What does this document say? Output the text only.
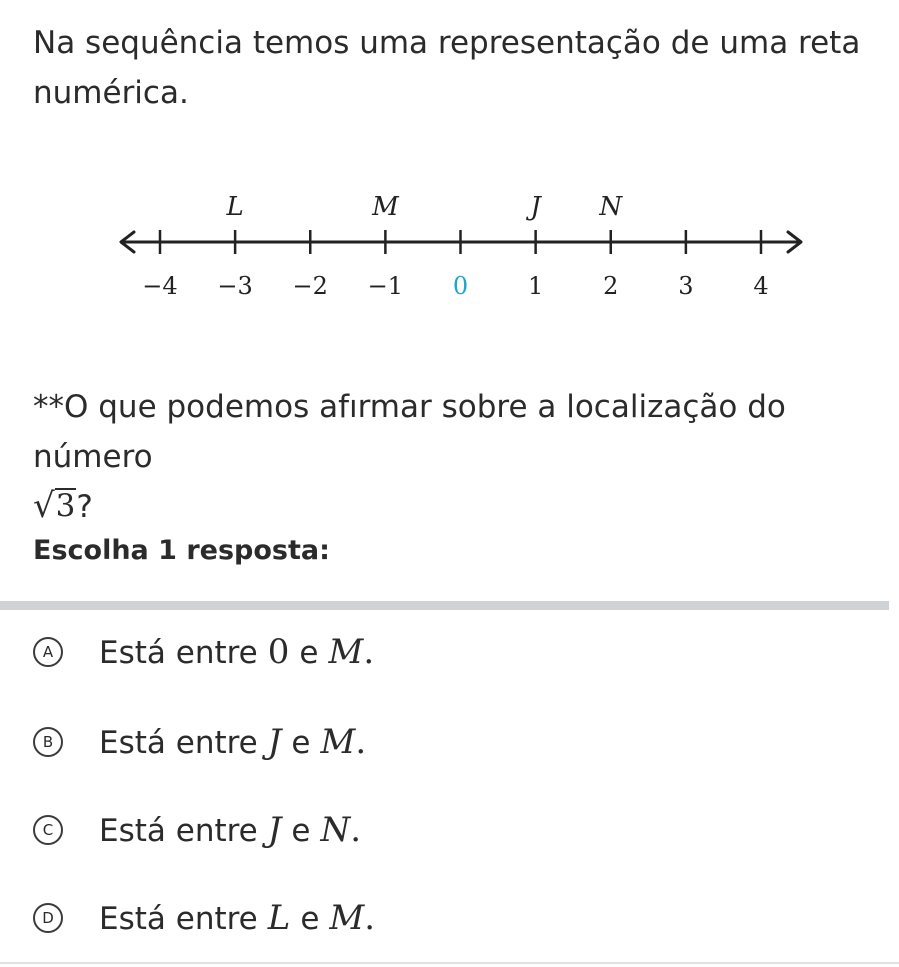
Na sequência temos uma representação de uma reta numérica.

−4 −3 −2 −1 0 1 2 3 4
L	M	J N

**O que podemos afırmar sobre a localização do número

√ 3 ?

Escolha 1 resposta:

A	Está entre 0 e M .
B	Está entre J e M .
C	Está entre J e N .
D Está entre L e M .
